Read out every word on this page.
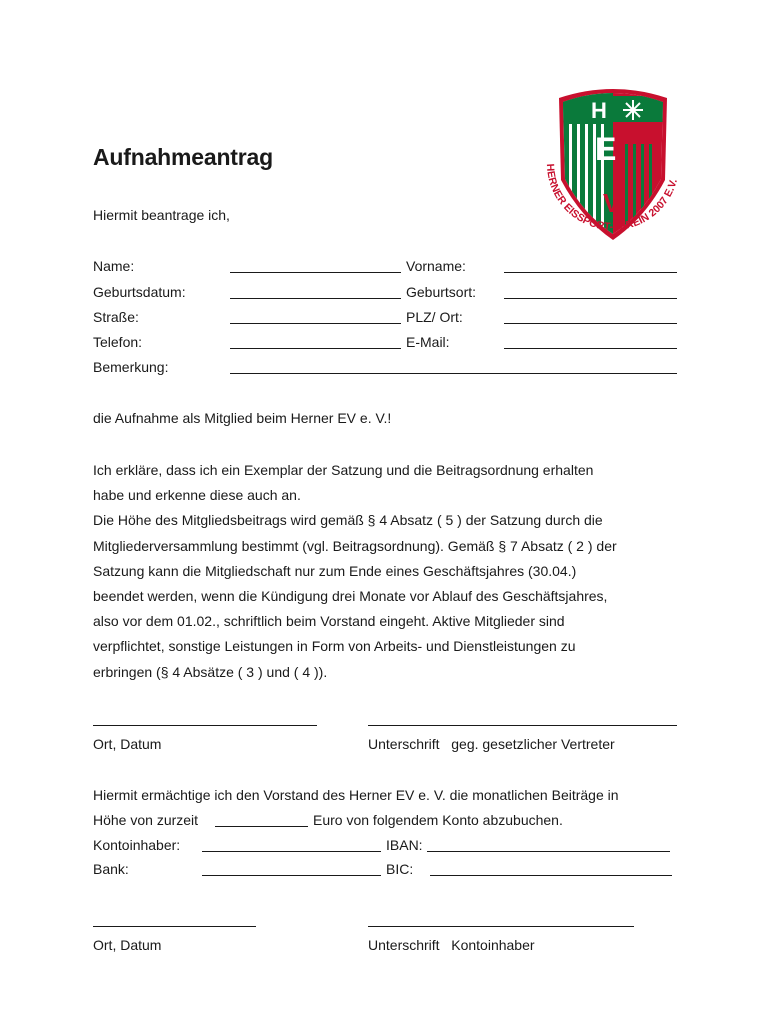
H
E
V
HERNER EISSPORT-VEREIN 2007 E.V.
Aufnahmeantrag
Hiermit beantrage ich,
Name:	Vorname:
Geburtsdatum:	Geburtsort:
Straße:	PLZ/ Ort:
Telefon:	E-Mail:
Bemerkung:
die Aufnahme als Mitglied beim Herner EV e. V.!
Ich erkläre, dass ich ein Exemplar der Satzung und die Beitragsordnung erhalten
habe und erkenne diese auch an.
Die Höhe des Mitgliedsbeitrags wird gemäß § 4 Absatz ( 5 ) der Satzung durch die
Mitgliederversammlung bestimmt (vgl. Beitragsordnung). Gemäß § 7 Absatz ( 2 ) der
Satzung kann die Mitgliedschaft nur zum Ende eines Geschäftsjahres (30.04.)
beendet werden, wenn die Kündigung drei Monate vor Ablauf des Geschäftsjahres,
also vor dem 01.02., schriftlich beim Vorstand eingeht. Aktive Mitglieder sind
verpflichtet, sonstige Leistungen in Form von Arbeits- und Dienstleistungen zu
erbringen (§ 4 Absätze ( 3 ) und ( 4 )).
Ort, Datum	Unterschrift   geg. gesetzlicher Vertreter
Hiermit ermächtige ich den Vorstand des Herner EV e. V. die monatlichen Beiträge in
Höhe von zurzeit	Euro von folgendem Konto abzubuchen.
Kontoinhaber:	IBAN:
Bank:	BIC:
Ort, Datum	Unterschrift   Kontoinhaber
